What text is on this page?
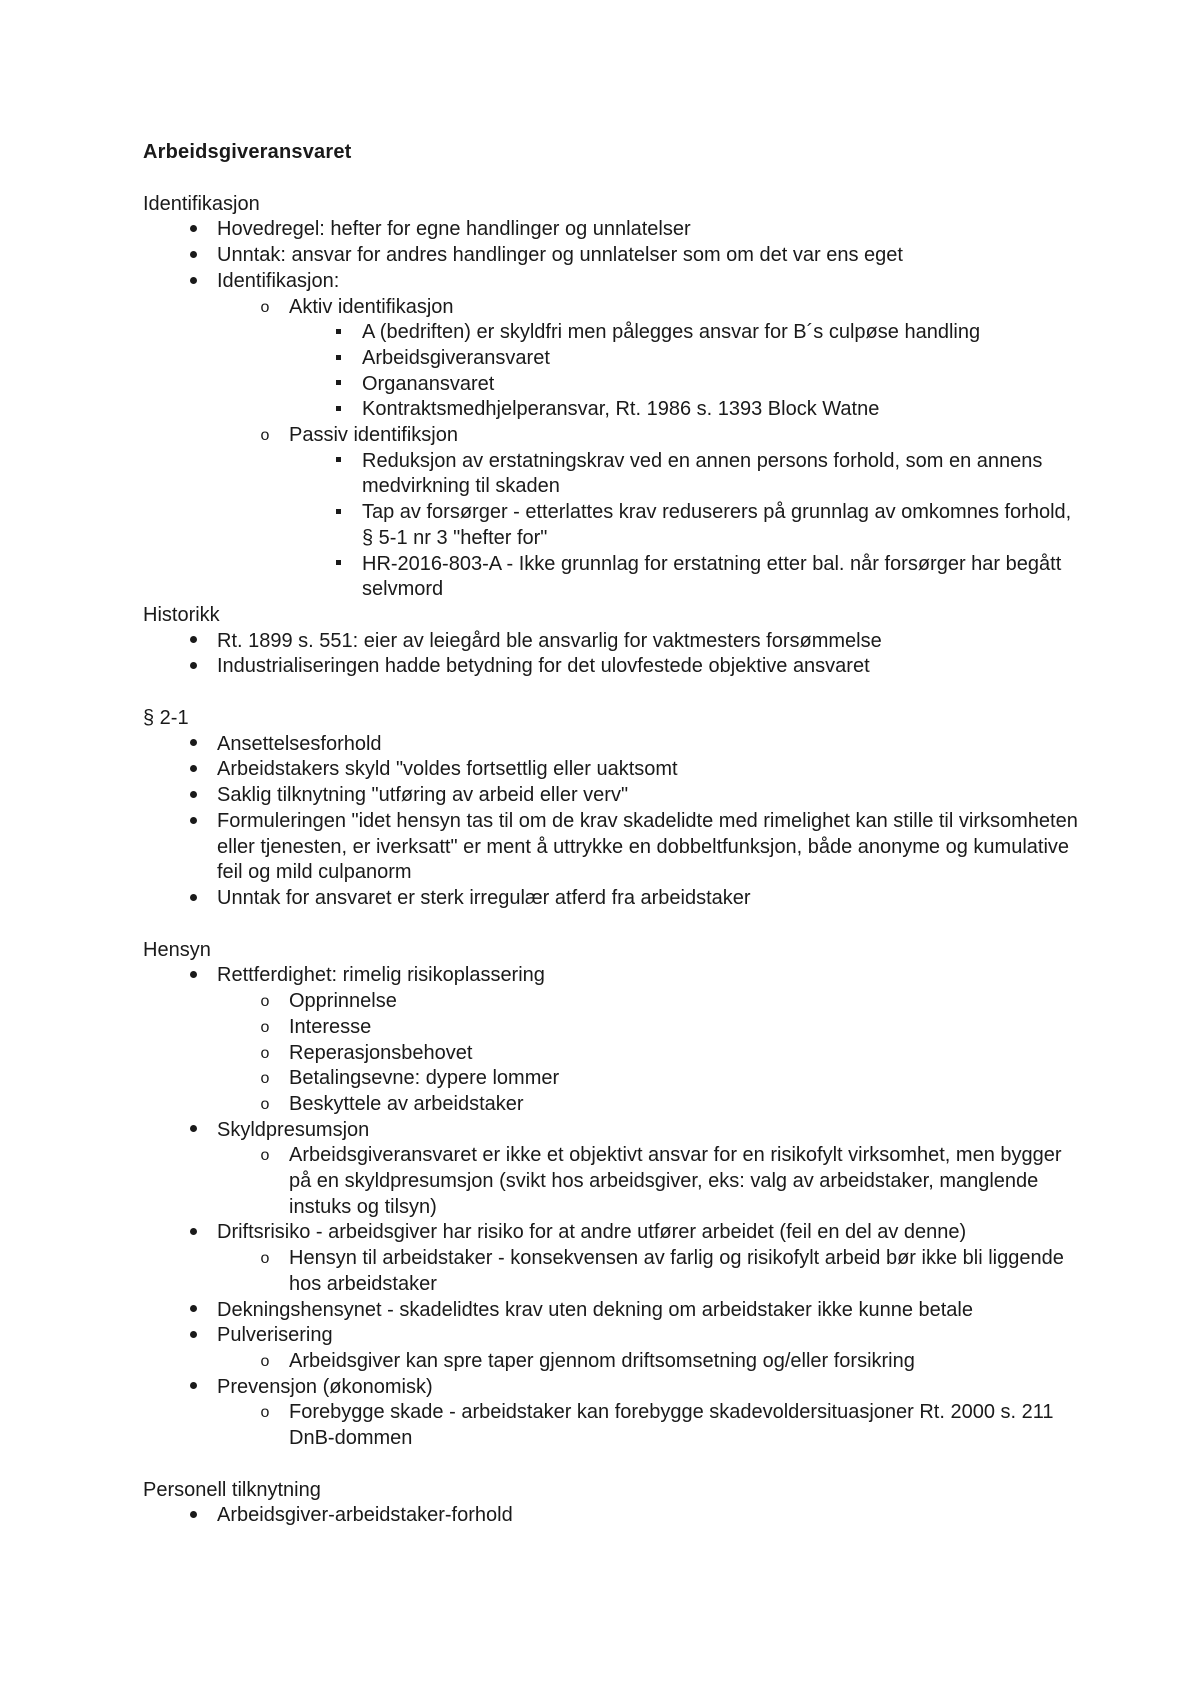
Arbeidsgiveransvaret
Identifikasjon
Hovedregel: hefter for egne handlinger og unnlatelser
Unntak: ansvar for andres handlinger og unnlatelser som om det var ens eget
Identifikasjon:
o Aktiv identifikasjon
A (bedriften) er skyldfri men pålegges ansvar for B´s culpøse handling
Arbeidsgiveransvaret
Organansvaret
Kontraktsmedhjelperansvar, Rt. 1986 s. 1393 Block Watne
o Passiv identifiksjon
Reduksjon av erstatningskrav ved en annen persons forhold, som en annens medvirkning til skaden
Tap av forsørger - etterlattes krav reduserers på grunnlag av omkomnes forhold, § 5-1 nr 3 "hefter for"
HR-2016-803-A - Ikke grunnlag for erstatning etter bal. når forsørger har begått selvmord
Historikk
Rt. 1899 s. 551: eier av leiegård ble ansvarlig for vaktmesters forsømmelse
Industrialiseringen hadde betydning for det ulovfestede objektive ansvaret
§ 2-1
Ansettelsesforhold
Arbeidstakers skyld "voldes fortsettlig eller uaktsomt
Saklig tilknytning "utføring av arbeid eller verv"
Formuleringen "idet hensyn tas til om de krav skadelidte med rimelighet kan stille til virksomheten eller tjenesten, er iverksatt" er ment å uttrykke en dobbeltfunksjon, både anonyme og kumulative feil og mild culpanorm
Unntak for ansvaret er sterk irregulær atferd fra arbeidstaker
Hensyn
Rettferdighet: rimelig risikoplassering
o Opprinnelse
o Interesse
o Reperasjonsbehovet
o Betalingsevne: dypere lommer
o Beskyttele av arbeidstaker
Skyldpresumsjon
o Arbeidsgiveransvaret er ikke et objektivt ansvar for en risikofylt virksomhet, men bygger på en skyldpresumsjon (svikt hos arbeidsgiver, eks: valg av arbeidstaker, manglende instuks og tilsyn)
Driftsrisiko - arbeidsgiver har risiko for at andre utfører arbeidet (feil en del av denne)
o Hensyn til arbeidstaker - konsekvensen av farlig og risikofylt arbeid bør ikke bli liggende hos arbeidstaker
Dekningshensynet - skadelidtes krav uten dekning om arbeidstaker ikke kunne betale
Pulverisering
o Arbeidsgiver kan spre taper gjennom driftsomsetning og/eller forsikring
Prevensjon (økonomisk)
o Forebygge skade - arbeidstaker kan forebygge skadevoldersituasjoner Rt. 2000 s. 211 DnB-dommen
Personell tilknytning
Arbeidsgiver-arbeidstaker-forhold
